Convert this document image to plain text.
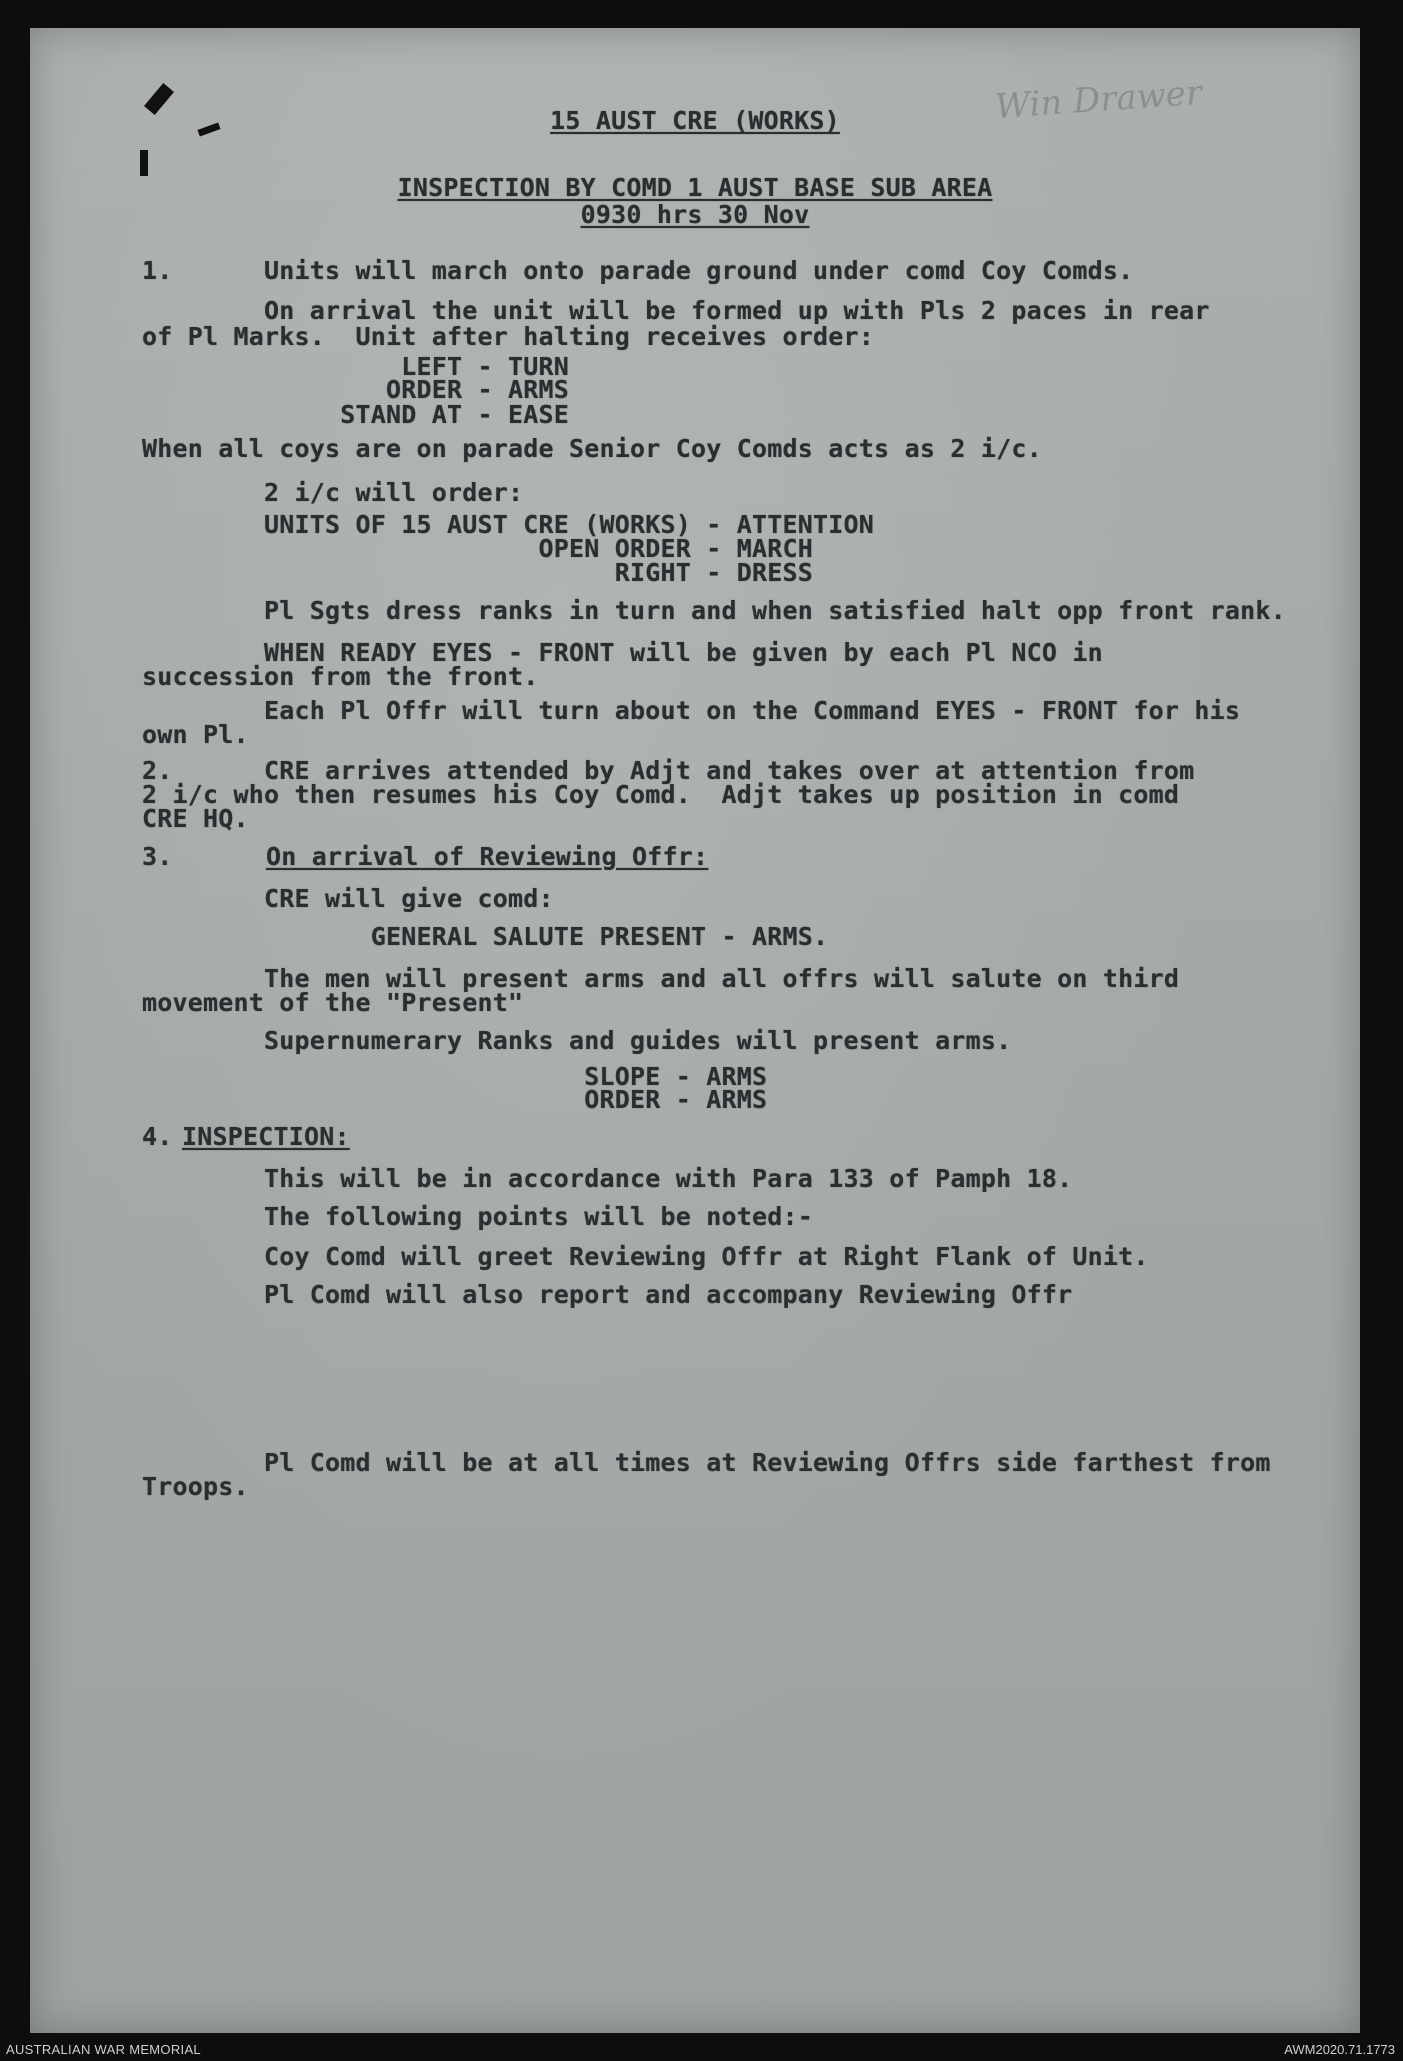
Win Drawer
15 AUST CRE (WORKS)
INSPECTION BY COMD 1 AUST BASE SUB AREA
0930 hrs 30 Nov
1.      Units will march onto parade ground under comd Coy Comds.
On arrival the unit will be formed up with Pls 2 paces in rear
of Pl Marks.  Unit after halting receives order:
LEFT - TURN
ORDER - ARMS
STAND AT - EASE
When all coys are on parade Senior Coy Comds acts as 2 i/c.
2 i/c will order:
UNITS OF 15 AUST CRE (WORKS) - ATTENTION
OPEN ORDER - MARCH
RIGHT - DRESS
Pl Sgts dress ranks in turn and when satisfied halt opp front rank.
WHEN READY EYES - FRONT will be given by each Pl NCO in
succession from the front.
Each Pl Offr will turn about on the Command EYES - FRONT for his
own Pl.
2.      CRE arrives attended by Adjt and takes over at attention from
2 i/c who then resumes his Coy Comd.  Adjt takes up position in comd
CRE HQ.
3. On arrival of Reviewing Offr:
CRE will give comd:
GENERAL SALUTE PRESENT - ARMS.
The men will present arms and all offrs will salute on third
movement of the "Present"
Supernumerary Ranks and guides will present arms.
SLOPE - ARMS
ORDER - ARMS
4.
INSPECTION:
This will be in accordance with Para 133 of Pamph 18.
The following points will be noted:-
Coy Comd will greet Reviewing Offr at Right Flank of Unit.
Pl Comd will also report and accompany Reviewing Offr
Pl Comd will be at all times at Reviewing Offrs side farthest from
Troops.
AUSTRALIAN WAR MEMORIAL	AWM2020.71.1773
